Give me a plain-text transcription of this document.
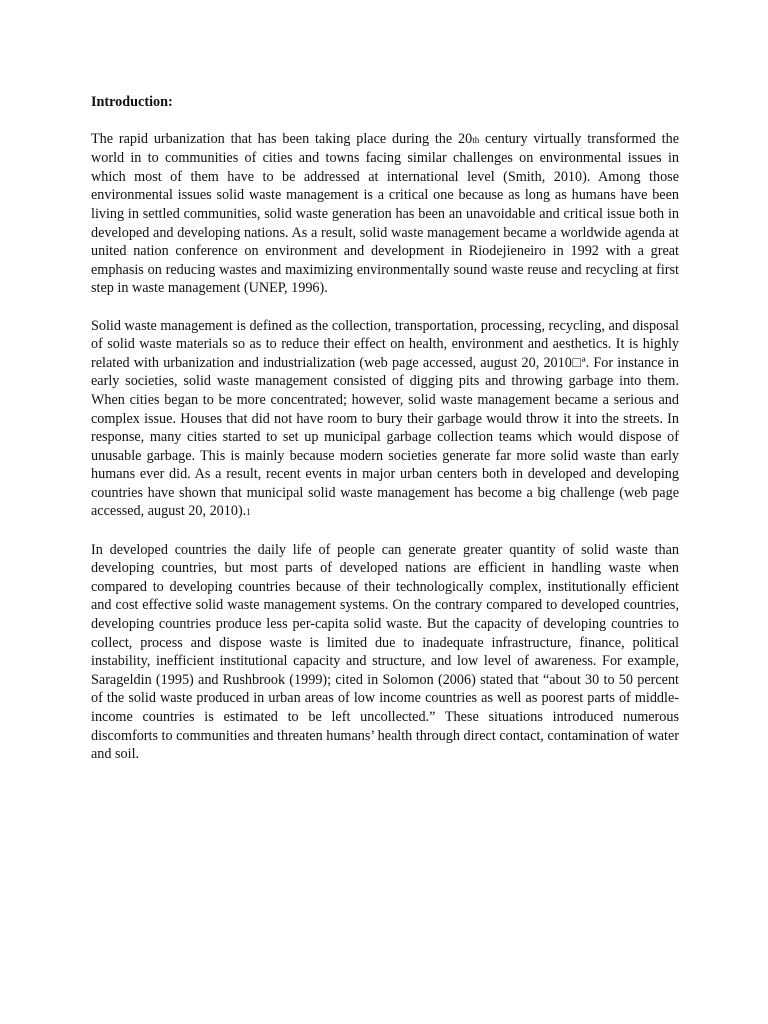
Introduction:

The rapid urbanization that has been taking place during the 20th century virtually transformed the world in to communities of cities and towns facing similar challenges on environmental issues in which most of them have to be addressed at international level (Smith, 2010). Among those environmental issues solid waste management is a critical one because as long as humans have been living in settled communities, solid waste generation has been an unavoidable and critical issue both in developed and developing nations. As a result, solid waste management became a worldwide agenda at united nation conference on environment and development in Riodejieneiro in 1992 with a great emphasis on reducing wastes and maximizing environmentally sound waste reuse and recycling at first step in waste management (UNEP, 1996).

Solid waste management is defined as the collection, transportation, processing, recycling, and disposal of solid waste materials so as to reduce their effect on health, environment and aesthetics. It is highly related with urbanization and industrialization (web page accessed, august 20, 2010□ª. For instance in early societies, solid waste management consisted of digging pits and throwing garbage into them. When cities began to be more concentrated; however, solid waste management became a serious and complex issue. Houses that did not have room to bury their garbage would throw it into the streets. In response, many cities started to set up municipal garbage collection teams which would dispose of unusable garbage. This is mainly because modern societies generate far more solid waste than early humans ever did. As a result, recent events in major urban centers both in developed and developing countries have shown that municipal solid waste management has become a big challenge (web page accessed, august 20, 2010).1

In developed countries the daily life of people can generate greater quantity of solid waste than developing countries, but most parts of developed nations are efficient in handling waste when compared to developing countries because of their technologically complex, institutionally efficient and cost effective solid waste management systems. On the contrary compared to developed countries, developing countries produce less per-capita solid waste. But the capacity of developing countries to collect, process and dispose waste is limited due to inadequate infrastructure, finance, political instability, inefficient institutional capacity and structure, and low level of awareness. For example, Sarageldin (1995) and Rushbrook (1999); cited in Solomon (2006) stated that “about 30 to 50 percent of the solid waste produced in urban areas of low income countries as well as poorest parts of middle-income countries is estimated to be left uncollected.” These situations introduced numerous discomforts to communities and threaten humans’ health through direct contact, contamination of water and soil.
